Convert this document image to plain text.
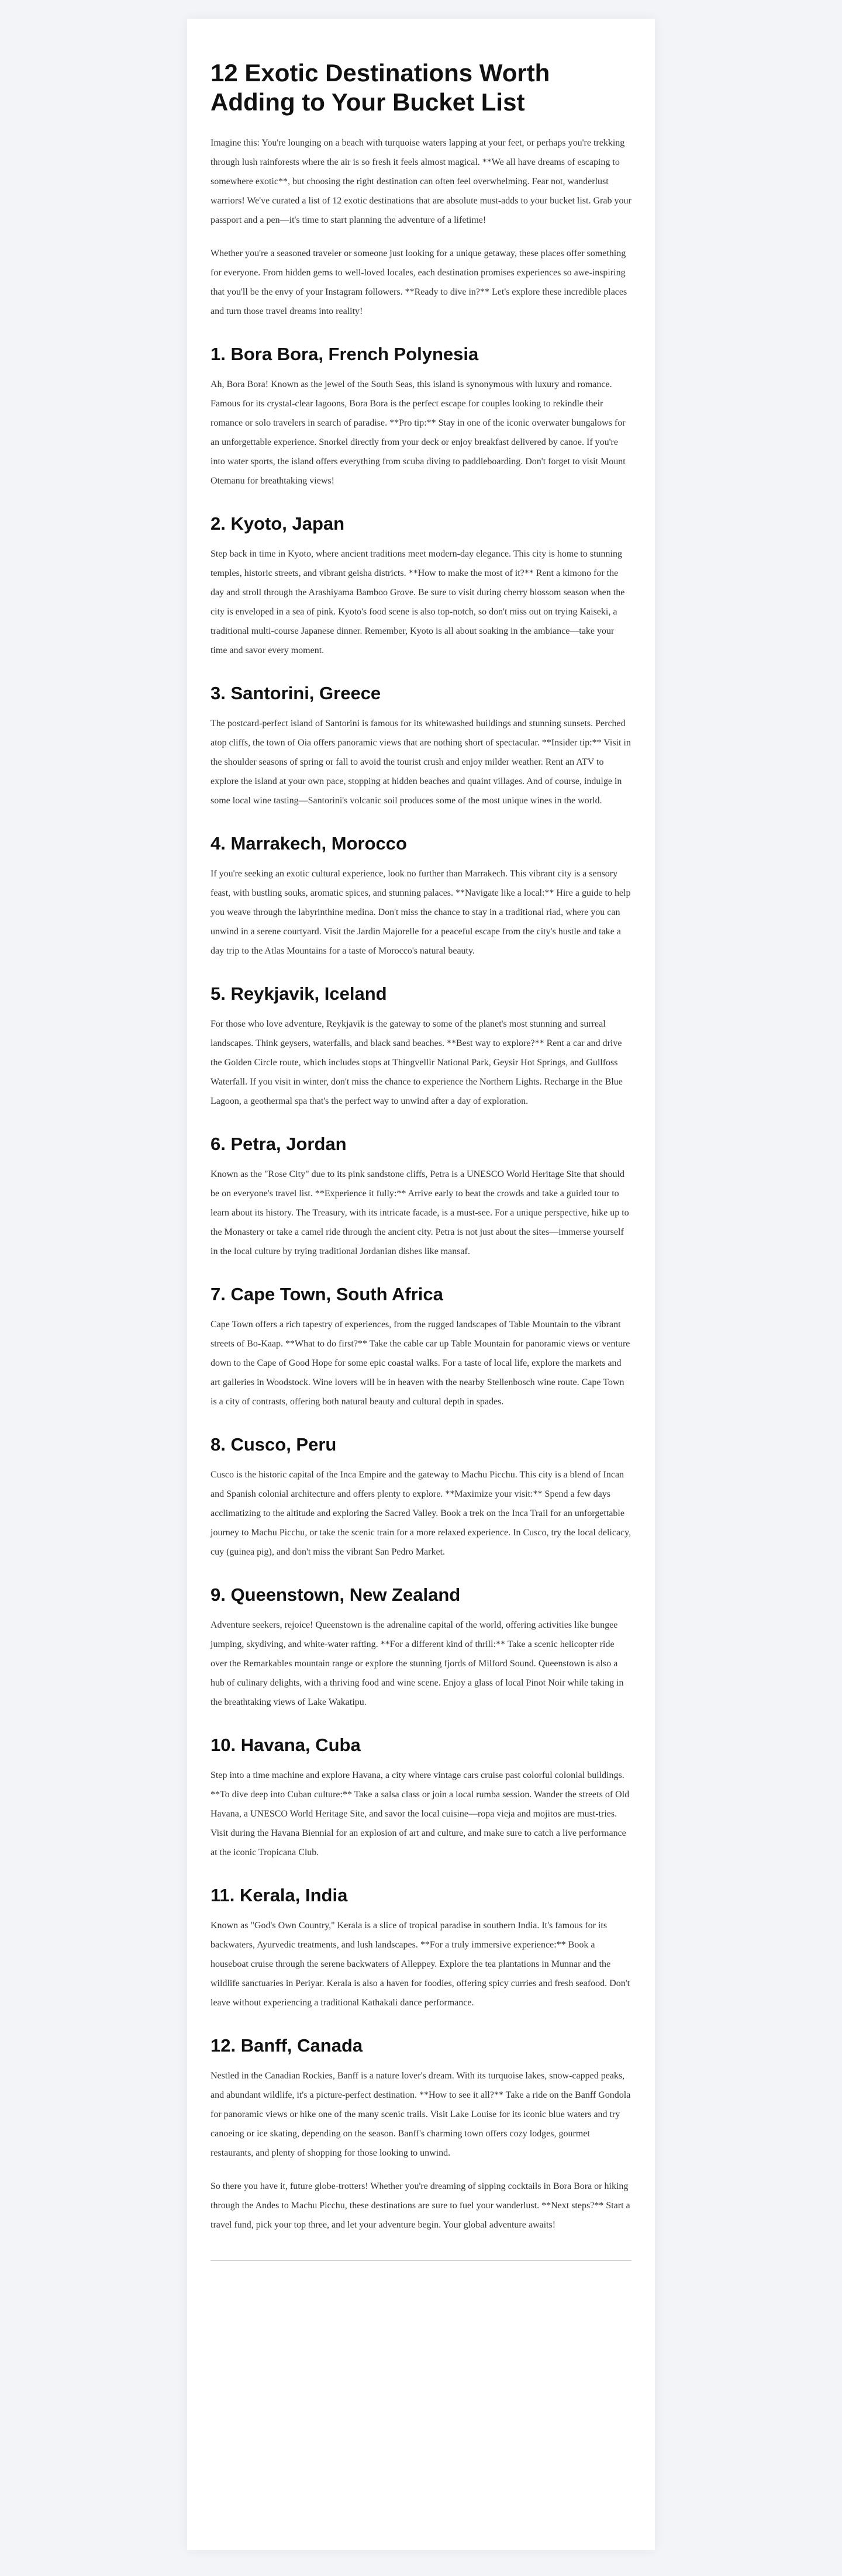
12 Exotic Destinations Worth Adding to Your Bucket List

Imagine this: You're lounging on a beach with turquoise waters lapping at your feet, or perhaps you're trekking through lush rainforests where the air is so fresh it feels almost magical. **We all have dreams of escaping to somewhere exotic**, but choosing the right destination can often feel overwhelming. Fear not, wanderlust warriors! We've curated a list of 12 exotic destinations that are absolute must-adds to your bucket list. Grab your passport and a pen—it's time to start planning the adventure of a lifetime!

Whether you're a seasoned traveler or someone just looking for a unique getaway, these places offer something for everyone. From hidden gems to well-loved locales, each destination promises experiences so awe-inspiring that you'll be the envy of your Instagram followers. **Ready to dive in?** Let's explore these incredible places and turn those travel dreams into reality!

1. Bora Bora, French Polynesia

Ah, Bora Bora! Known as the jewel of the South Seas, this island is synonymous with luxury and romance. Famous for its crystal-clear lagoons, Bora Bora is the perfect escape for couples looking to rekindle their romance or solo travelers in search of paradise. **Pro tip:** Stay in one of the iconic overwater bungalows for an unforgettable experience. Snorkel directly from your deck or enjoy breakfast delivered by canoe. If you're into water sports, the island offers everything from scuba diving to paddleboarding. Don't forget to visit Mount Otemanu for breathtaking views!

2. Kyoto, Japan

Step back in time in Kyoto, where ancient traditions meet modern-day elegance. This city is home to stunning temples, historic streets, and vibrant geisha districts. **How to make the most of it?** Rent a kimono for the day and stroll through the Arashiyama Bamboo Grove. Be sure to visit during cherry blossom season when the city is enveloped in a sea of pink. Kyoto's food scene is also top-notch, so don't miss out on trying Kaiseki, a traditional multi-course Japanese dinner. Remember, Kyoto is all about soaking in the ambiance—take your time and savor every moment.

3. Santorini, Greece

The postcard-perfect island of Santorini is famous for its whitewashed buildings and stunning sunsets. Perched atop cliffs, the town of Oia offers panoramic views that are nothing short of spectacular. **Insider tip:** Visit in the shoulder seasons of spring or fall to avoid the tourist crush and enjoy milder weather. Rent an ATV to explore the island at your own pace, stopping at hidden beaches and quaint villages. And of course, indulge in some local wine tasting—Santorini's volcanic soil produces some of the most unique wines in the world.

4. Marrakech, Morocco

If you're seeking an exotic cultural experience, look no further than Marrakech. This vibrant city is a sensory feast, with bustling souks, aromatic spices, and stunning palaces. **Navigate like a local:** Hire a guide to help you weave through the labyrinthine medina. Don't miss the chance to stay in a traditional riad, where you can unwind in a serene courtyard. Visit the Jardin Majorelle for a peaceful escape from the city's hustle and take a day trip to the Atlas Mountains for a taste of Morocco's natural beauty.

5. Reykjavik, Iceland

For those who love adventure, Reykjavik is the gateway to some of the planet's most stunning and surreal landscapes. Think geysers, waterfalls, and black sand beaches. **Best way to explore?** Rent a car and drive the Golden Circle route, which includes stops at Thingvellir National Park, Geysir Hot Springs, and Gullfoss Waterfall. If you visit in winter, don't miss the chance to experience the Northern Lights. Recharge in the Blue Lagoon, a geothermal spa that's the perfect way to unwind after a day of exploration.

6. Petra, Jordan

Known as the "Rose City" due to its pink sandstone cliffs, Petra is a UNESCO World Heritage Site that should be on everyone's travel list. **Experience it fully:** Arrive early to beat the crowds and take a guided tour to learn about its history. The Treasury, with its intricate facade, is a must-see. For a unique perspective, hike up to the Monastery or take a camel ride through the ancient city. Petra is not just about the sites—immerse yourself in the local culture by trying traditional Jordanian dishes like mansaf.

7. Cape Town, South Africa

Cape Town offers a rich tapestry of experiences, from the rugged landscapes of Table Mountain to the vibrant streets of Bo-Kaap. **What to do first?** Take the cable car up Table Mountain for panoramic views or venture down to the Cape of Good Hope for some epic coastal walks. For a taste of local life, explore the markets and art galleries in Woodstock. Wine lovers will be in heaven with the nearby Stellenbosch wine route. Cape Town is a city of contrasts, offering both natural beauty and cultural depth in spades.

8. Cusco, Peru

Cusco is the historic capital of the Inca Empire and the gateway to Machu Picchu. This city is a blend of Incan and Spanish colonial architecture and offers plenty to explore. **Maximize your visit:** Spend a few days acclimatizing to the altitude and exploring the Sacred Valley. Book a trek on the Inca Trail for an unforgettable journey to Machu Picchu, or take the scenic train for a more relaxed experience. In Cusco, try the local delicacy, cuy (guinea pig), and don't miss the vibrant San Pedro Market.

9. Queenstown, New Zealand

Adventure seekers, rejoice! Queenstown is the adrenaline capital of the world, offering activities like bungee jumping, skydiving, and white-water rafting. **For a different kind of thrill:** Take a scenic helicopter ride over the Remarkables mountain range or explore the stunning fjords of Milford Sound. Queenstown is also a hub of culinary delights, with a thriving food and wine scene. Enjoy a glass of local Pinot Noir while taking in the breathtaking views of Lake Wakatipu.

10. Havana, Cuba

Step into a time machine and explore Havana, a city where vintage cars cruise past colorful colonial buildings. **To dive deep into Cuban culture:** Take a salsa class or join a local rumba session. Wander the streets of Old Havana, a UNESCO World Heritage Site, and savor the local cuisine—ropa vieja and mojitos are must-tries. Visit during the Havana Biennial for an explosion of art and culture, and make sure to catch a live performance at the iconic Tropicana Club.

11. Kerala, India

Known as "God's Own Country," Kerala is a slice of tropical paradise in southern India. It's famous for its backwaters, Ayurvedic treatments, and lush landscapes. **For a truly immersive experience:** Book a houseboat cruise through the serene backwaters of Alleppey. Explore the tea plantations in Munnar and the wildlife sanctuaries in Periyar. Kerala is also a haven for foodies, offering spicy curries and fresh seafood. Don't leave without experiencing a traditional Kathakali dance performance.

12. Banff, Canada

Nestled in the Canadian Rockies, Banff is a nature lover's dream. With its turquoise lakes, snow-capped peaks, and abundant wildlife, it's a picture-perfect destination. **How to see it all?** Take a ride on the Banff Gondola for panoramic views or hike one of the many scenic trails. Visit Lake Louise for its iconic blue waters and try canoeing or ice skating, depending on the season. Banff's charming town offers cozy lodges, gourmet restaurants, and plenty of shopping for those looking to unwind.

So there you have it, future globe-trotters! Whether you're dreaming of sipping cocktails in Bora Bora or hiking through the Andes to Machu Picchu, these destinations are sure to fuel your wanderlust. **Next steps?** Start a travel fund, pick your top three, and let your adventure begin. Your global adventure awaits!
